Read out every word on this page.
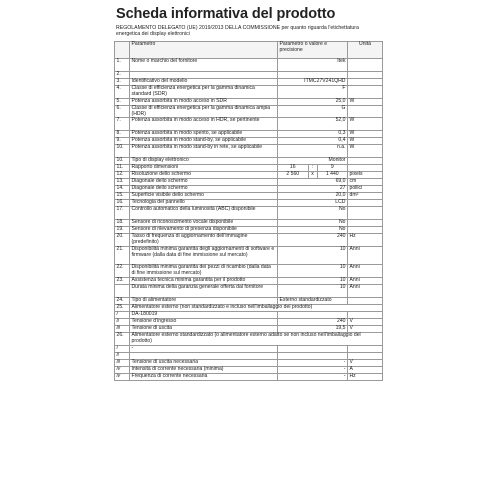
Scheda informativa del prodotto
REGOLAMENTO DELEGATO (UE) 2019/2013 DELLA COMMISSIONE per quanto riguarda l'etichettatura energetica dei display elettronici
	Parametro	Parametro o valore e precisione	Unità
1.	Nome o marchio del fornitore	Itek	
2.			
3.	Identificativo del modello	ITMC27V241QHD	
4.	Classe di efficienza energetica per la gamma dinamica standard (SDR)	F	
5.	Potenza assorbita in modo acceso in SDR	25,0	W
6.	Classe di efficienza energetica per la gamma dinamica ampia (HDR)	G	
7.	Potenza assorbita in modo acceso in HDR, se pertinente	52,0	W
8.	Potenza assorbita in modo spento, se applicabile	0,3	W
9.	Potenza assorbita in modo stand-by, se applicabile	0,4	W
10.	Potenza assorbita in modo stand-by in rete, se applicabile	n.a.	W
10.	Tipo di display elettronico	Monitor	
11.	Rapporto dimensioni	16 : 9	

12.	Risoluzione dello schermo	2 560 x 1 440	pixels
13.	Diagonale dello schermo	69,0	cm
14.	Diagonale dello schermo	27	pollici
15.	Superficie visibile dello schermo	20,0	dm²
16.	Tecnologia del pannello	LCD	
17.	Controllo automatico della luminosità (ABC) disponibile	No	
18.	Sensore di riconoscimento vocale disponibile	No	
19.	Sensore di rilevamento di presenza disponibile	No	
20.	Tasso di frequenza di aggiornamento dell'immagine (predefinito)	240	Hz
21.	Disponibilità minima garantita degli aggiornamenti di software e firmware (dalla data di fine immissione sul mercato)	10	Anni
22.	Disponibilità minima garantita dei pezzi di ricambio (dalla data di fine immissione sul mercato)	10	Anni
23.	Assistenza tecnica minima garantita per il prodotto	10	Anni
	Durata minima della garanzia generale offerta dal fornitore	10	Anni
24.	Tipo di alimentatore	Esterno standardizzato	
25.	Alimentatore esterno (non standardizzato e incluso nell'imballaggio del prodotto)		
i	DA-180019		
ii	Tensione d'ingresso	240	V
iii	Tensione di uscita	19,5	V
26.	Alimentatore esterno standardizzato (o alimentatore esterno adatto se non incluso nell'imballaggio del prodotto)		
i	-		
ii			
iii	Tensione di uscita necessaria	-	V
iv	Intensità di corrente necessaria (minima)	-	A
iv	Frequenza di corrente necessaria	-	Hz
